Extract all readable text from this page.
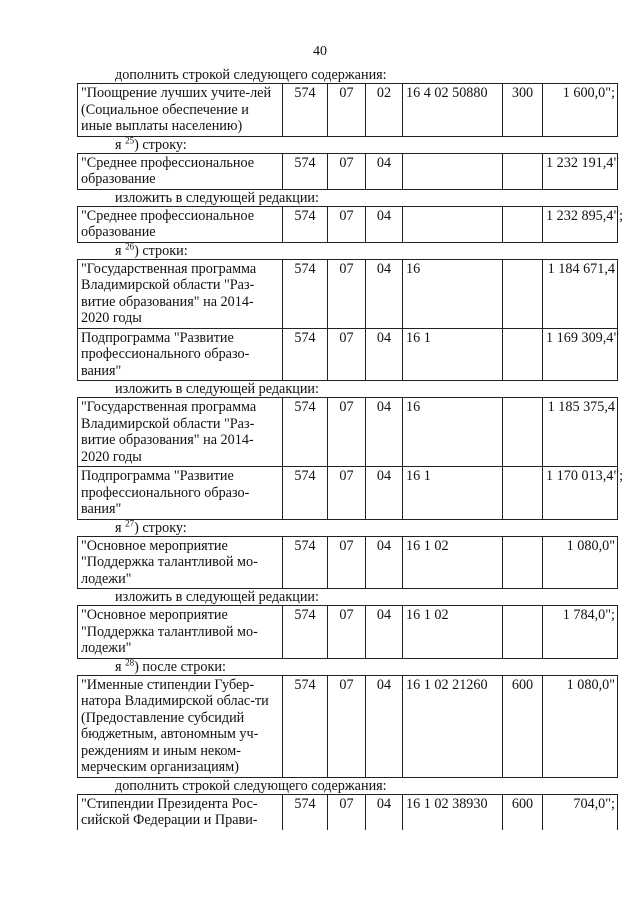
40
дополнить строкой следующего содержания:
"Поощрение лучших учите-лей (Социальное обеспечение и иные выплаты населению)	574	07	02	16 4 02 50880	300	1 600,0";
я $^{25}$) строку:
"Среднее профессиональное образование	574	07	04			1 232 191,4"
изложить в следующей редакции:
"Среднее профессиональное образование	574	07	04			1 232 895,4";
я $^{26}$) строки:
"Государственная программа Владимирской области "Раз-витие образования" на 2014-2020 годы	574	07	04	16		1 184 671,4
Подпрограмма "Развитие профессионального образо-вания"	574	07	04	16 1		1 169 309,4"
изложить в следующей редакции:
"Государственная программа Владимирской области "Раз-витие образования" на 2014-2020 годы	574	07	04	16		1 185 375,4
Подпрограмма "Развитие профессионального образо-вания"	574	07	04	16 1		1 170 013,4";
я $^{27}$) строку:
"Основное мероприятие "Поддержка талантливой мо-лодежи"	574	07	04	16 1 02		1 080,0"
изложить в следующей редакции:
"Основное мероприятие "Поддержка талантливой мо-лодежи"	574	07	04	16 1 02		1 784,0";
я $^{28}$) после строки:
"Именные стипендии Губер-натора Владимирской облас-ти (Предоставление субсидий бюджетным, автономным уч-реждениям и иным неком-мерческим организациям)	574	07	04	16 1 02 21260	600	1 080,0"
дополнить строкой следующего содержания:
"Стипендии Президента Рос-сийской Федерации и Прави-	574	07	04	16 1 02 38930	600	704,0";
